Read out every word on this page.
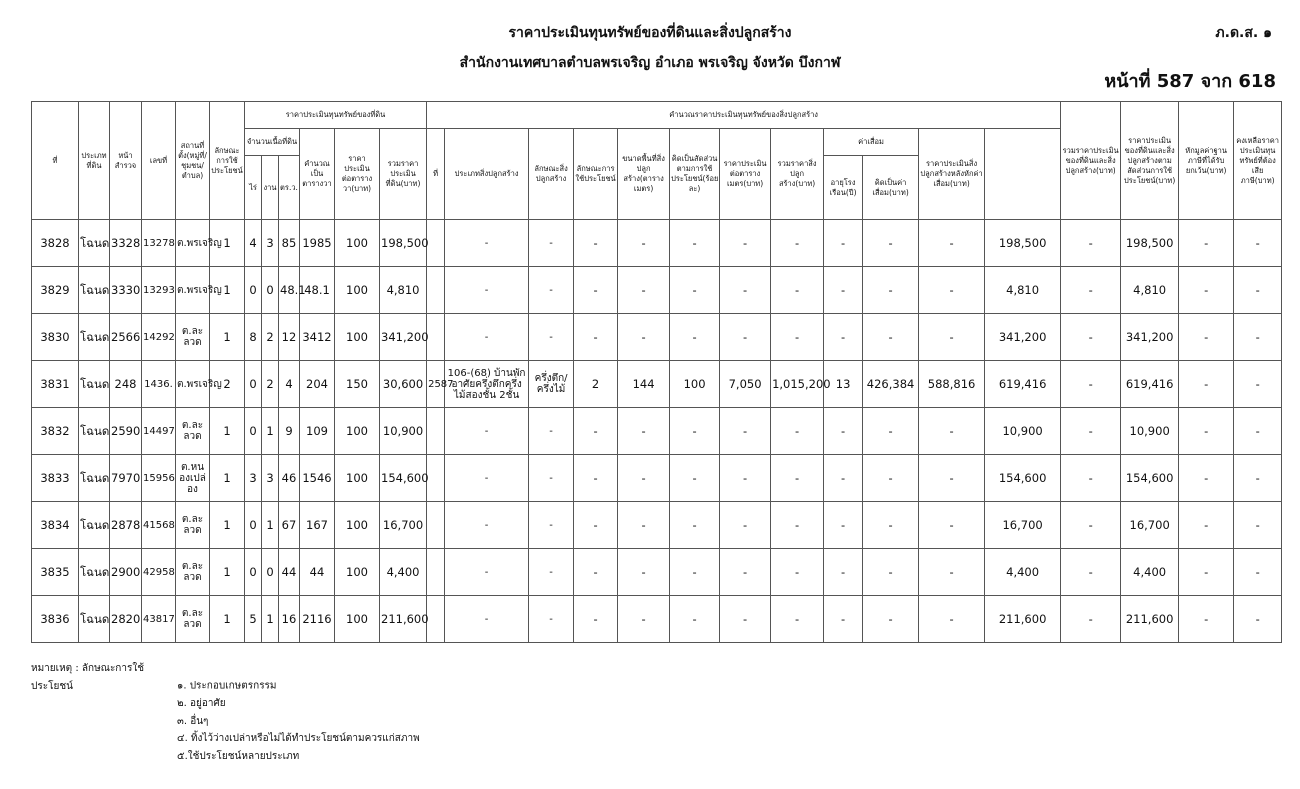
ราคาประเมินทุนทรัพย์ของที่ดินและสิ่งปลูกสร้าง
สำนักงานเทศบาลตำบลพรเจริญ อำเภอ พรเจริญ จังหวัด บึงกาฬ
ภ.ด.ส. ๑
หน้าที่ 587 จาก 618
ที่	ประเภทที่ดิน	หน้าสำรวจ	เลขที่	สถานที่ตั้ง(หมู่ที่/ชุมชน/ตำบล)	ลักษณะการใช้ประโยชน์	ราคาประเมินทุนทรัพย์ของที่ดิน						คำนวณราคาประเมินทุนทรัพย์ของสิ่งปลูกสร้าง												รวมราคาประเมินของที่ดินและสิ่งปลูกสร้าง(บาท)	ราคาประเมินของที่ดินและสิ่งปลูกสร้างตามสัดส่วนการใช้ประโยชน์(บาท)	หักมูลค่าฐานภาษีที่ได้รับยกเว้น(บาท)	คงเหลือราคาประเมินทุนทรัพย์ที่ต้องเสียภาษี(บาท)	
						จำนวนเนื้อที่ดิน			คำนวณเป็นตารางวา	ราคาประเมินต่อตารางวา(บาท)	รวมราคาประเมินที่ดิน(บาท)	ที่	ประเภทสิ่งปลูกสร้าง	ลักษณะสิ่งปลูกสร้าง	ลักษณะการใช้ประโยชน์	ขนาดพื้นที่สิ่งปลูกสร้าง(ตารางเมตร)	คิดเป็นสัดส่วนตามการใช้ประโยชน์(ร้อยละ)	ราคาประเมินต่อตารางเมตร(บาท)	รวมราคาสิ่งปลูกสร้าง(บาท)	ค่าเสื่อม		ราคาประเมินสิ่งปลูกสร้างหลังหักค่าเสื่อม(บาท)						
						ไร่	งาน	ตร.ว.												อายุโรงเรือน(ปี)	คิดเป็นค่าเสื่อม(บาท)							
3828	โฉนด	3328	13278	ต.พรเจริญ	1	4	3	85	1985	100	198,500		-	-	-	-	-	-	-	-	-	-	198,500	-	198,500	-	-	
3829	โฉนด	3330	13293	ต.พรเจริญ	1	0	0	48.1	48.1	100	4,810		-	-	-	-	-	-	-	-	-	-	4,810	-	4,810	-	-	
3830	โฉนด	2566	14292	ต.ละลวด	1	8	2	12	3412	100	341,200		-	-	-	-	-	-	-	-	-	-	341,200	-	341,200	-	-	
3831	โฉนด	248	1436.	ต.พรเจริญ	2	0	2	4	204	150	30,600	2587	106-(68) บ้านพักอาศัยครึ่งตึกครึ่งไม้สองชั้น 2ชั้น	ครึ่งตึก/ครึ่งไม้	2	144	100	7,050	1,015,200	13	426,384	588,816	619,416	-	619,416	-	-	
3832	โฉนด	2590	14497	ต.ละลวด	1	0	1	9	109	100	10,900		-	-	-	-	-	-	-	-	-	-	10,900	-	10,900	-	-	
3833	โฉนด	7970	15956	ต.หนองเปล่อง	1	3	3	46	1546	100	154,600		-	-	-	-	-	-	-	-	-	-	154,600	-	154,600	-	-	
3834	โฉนด	2878	41568	ต.ละลวด	1	0	1	67	167	100	16,700		-	-	-	-	-	-	-	-	-	-	16,700	-	16,700	-	-	
3835	โฉนด	2900	42958	ต.ละลวด	1	0	0	44	44	100	4,400		-	-	-	-	-	-	-	-	-	-	4,400	-	4,400	-	-	
3836	โฉนด	2820	43817	ต.ละลวด	1	5	1	16	2116	100	211,600		-	-	-	-	-	-	-	-	-	-	211,600	-	211,600	-	-	
หมายเหตุ : ลักษณะการใช้ประโยชน์	๑. ประกอบเกษตรกรรม
๒. อยู่อาศัย
๓. อื่นๆ
๔. ทิ้งไว้ว่างเปล่าหรือไม่ได้ทำประโยชน์ตามควรแก่สภาพ
๕.ใช้ประโยชน์หลายประเภท
